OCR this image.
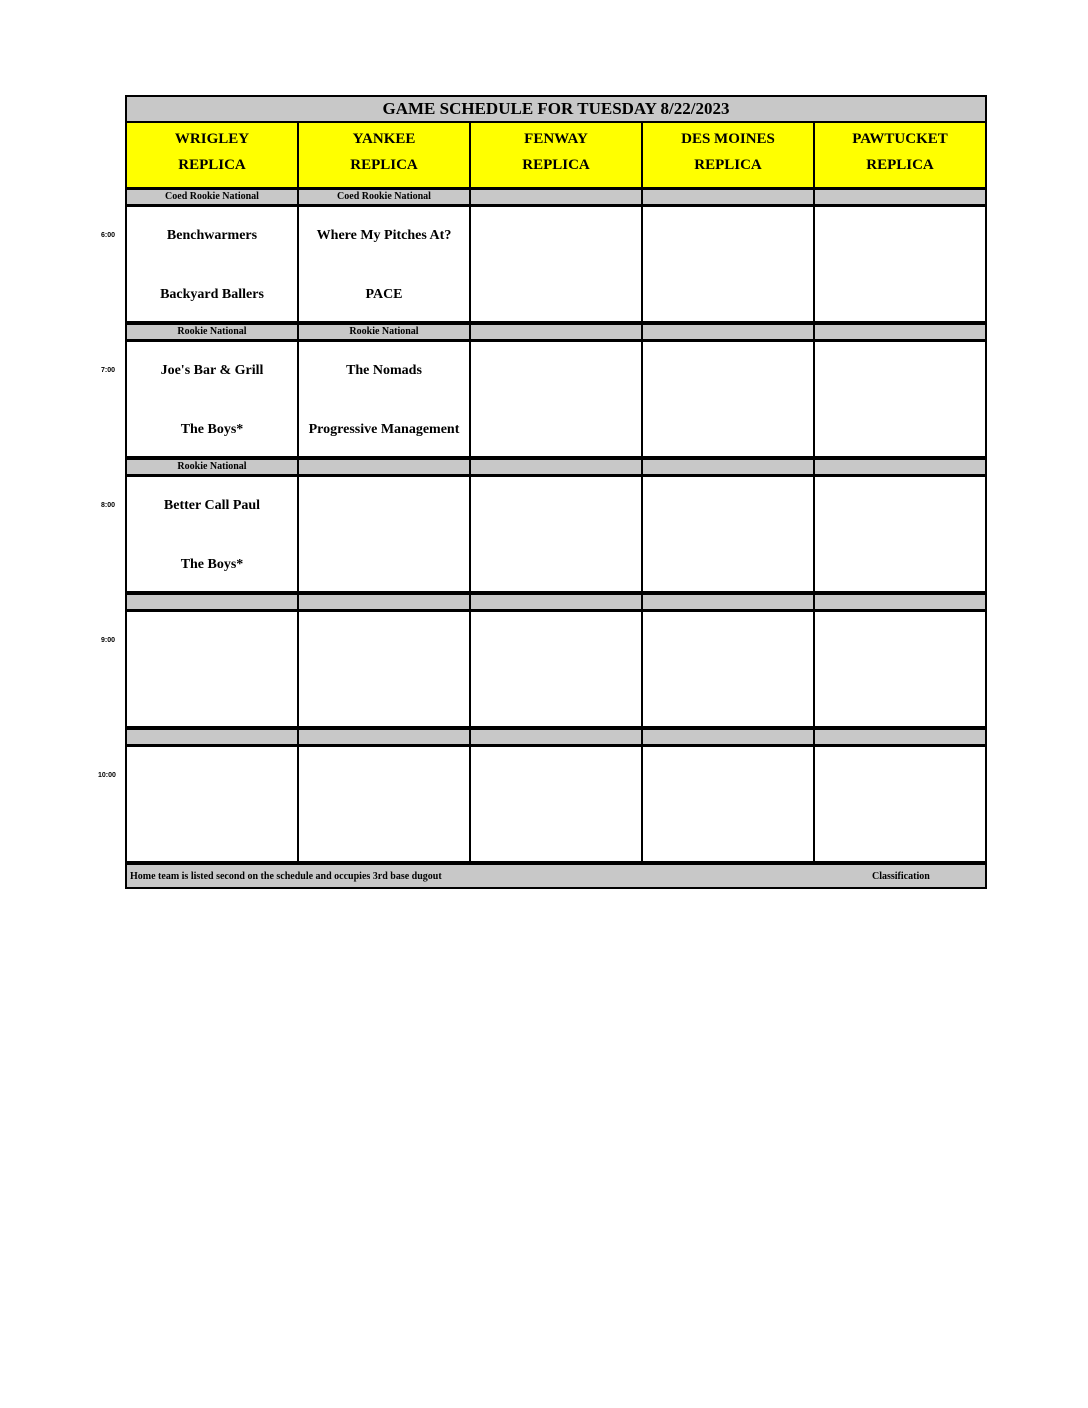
GAME SCHEDULE FOR TUESDAY 8/22/2023
WRIGLEY
REPLICA
YANKEE
REPLICA
FENWAY
REPLICA
DES MOINES
REPLICA
PAWTUCKET
REPLICA
Coed Rookie National
Benchwarmers
Backyard Ballers
Coed Rookie National
Where My Pitches At?
PACE
Rookie National
Joe's Bar & Grill
The Boys*
Rookie National
The Nomads
Progressive Management
Rookie National
Better Call Paul
The Boys*
Home team is listed second on the schedule and occupies 3rd base dugout	Classification
6:00
7:00
8:00
9:00
10:00
